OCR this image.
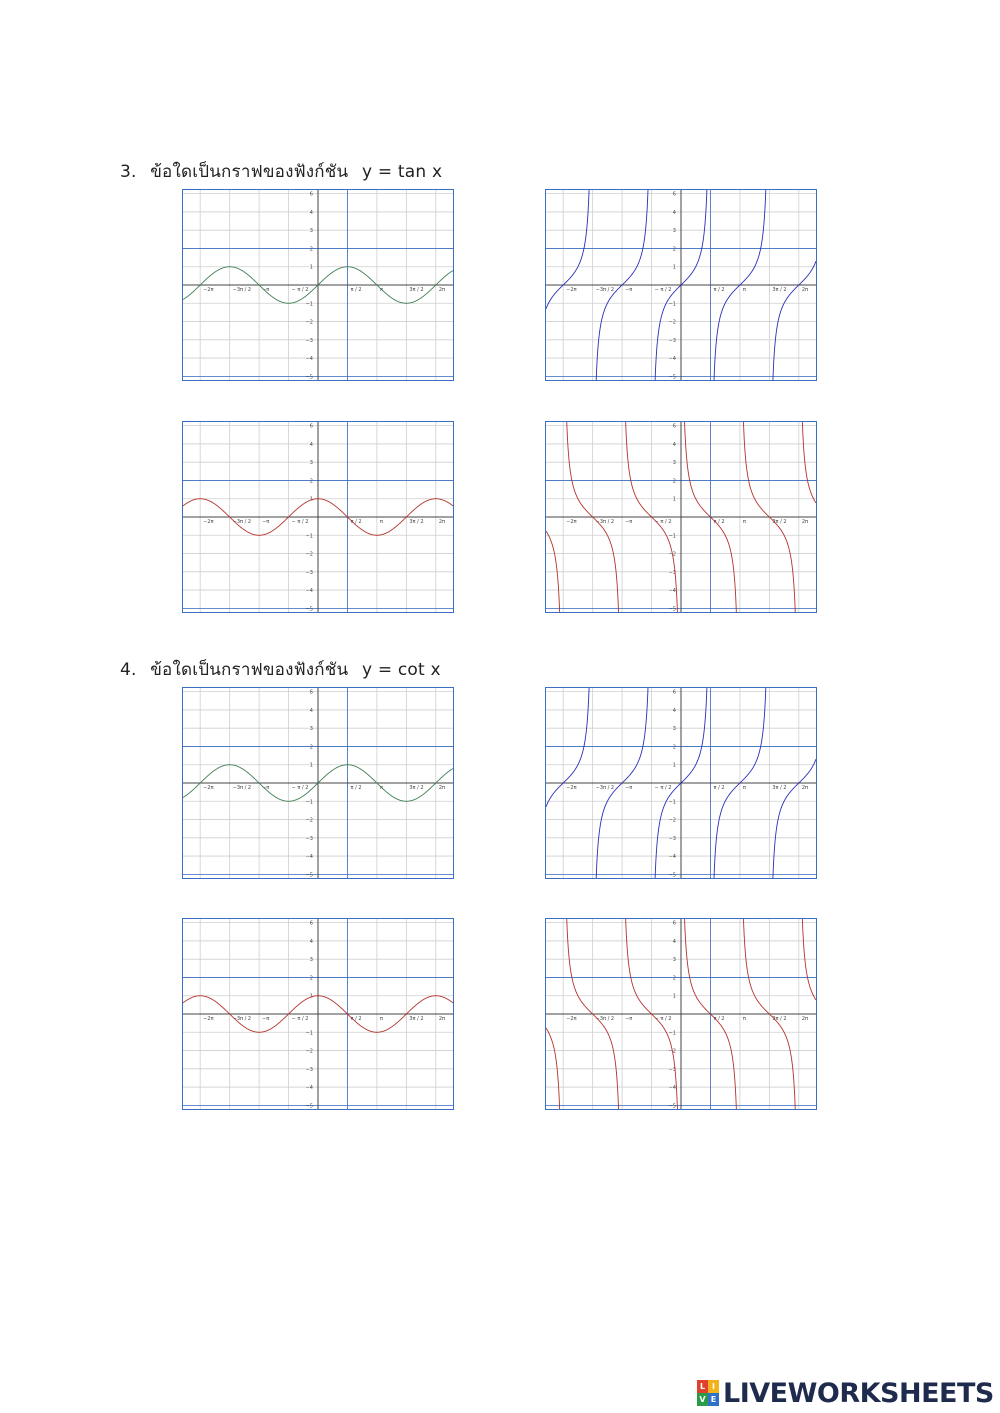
3. ข้อใดเป็นกราฟของฟังก์ชัน y = tan x
−2π	−3π / 2 −π	− π / 2	π / 2	π	3π / 2	2π
6
4
3
2
1
−1
−2
−3
−4
−5
−2π	−3π / 2 −π	− π / 2	π / 2	π	3π / 2	2π
6
4
3
2
1
−1
−2
−3
−4
−5
−2π	−3π / 2 −π	− π / 2	π / 2	π	3π / 2	2π
6
4
3
2
1
−1
−2
−3
−4
−5
−2π	−3π / 2 −π	− π / 2	π / 2	π	3π / 2	2π
6
4
3
2
1
−1
−2
−3
−4
−5
4. ข้อใดเป็นกราฟของฟังก์ชัน y = cot x
−2π	−3π / 2 −π	− π / 2	π / 2	π	3π / 2	2π
6
4
3
2
1
−1
−2
−3
−4
−5
−2π	−3π / 2 −π	− π / 2	π / 2	π	3π / 2	2π
6
4
3
2
1
−1
−2
−3
−4
−5
−2π	−3π / 2 −π	− π / 2	π / 2	π	3π / 2	2π
6
4
3
2
1
−1
−2
−3
−4
−5
−2π	−3π / 2 −π	− π / 2	π / 2	π	3π / 2	2π
6
4
3
2
1
−1
−2
−3
−4
−5
L I
V E LIVEWORKSHEETS
